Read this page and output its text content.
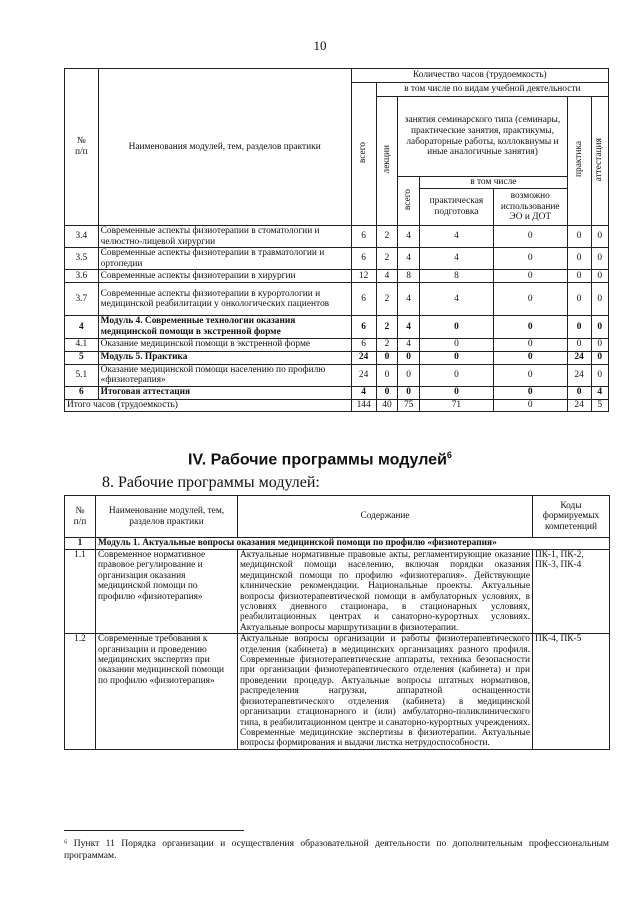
10
№
п/п	Наименования модулей, тем, разделов практики	Количество часов (трудоемкость)						
		всего	в том числе по видам учебной деятельности					
			лекции	занятия семинарского типа (семинары, практические занятия, практикумы, лабораторные работы, коллоквиумы и иные аналогичные занятия)			практика	аттестация
				всего	в том числе			
					практическая подготовка	возможно использование ЭО и ДОТ		
3.4	Современные аспекты физиотерапии в стоматологии и челюстно-лицевой хирургии	6	2	4	4	0	0	0
3.5	Современные аспекты физиотерапии в травматологии и ортопедии	6	2	4	4	0	0	0
3.6	Современные аспекты физиотерапии в хирургии	12	4	8	8	0	0	0
3.7	Современные аспекты физиотерапии в курортологии и медицинской реабилитации у онкологических пациентов	6	2	4	4	0	0	0
4	Модуль 4. Современные технологии оказания медицинской помощи в экстренной форме	6	2	4	0	0	0	0
4.1	Оказание медицинской помощи в экстренной форме	6	2	4	0	0	0	0
5	Модуль 5. Практика	24	0	0	0	0	24	0
5.1	Оказание медицинской помощи населению по профилю «физиотерапия»	24	0	0	0	0	24	0
6	Итоговая аттестация	4	0	0	0	0	0	4
Итого часов (трудоемкость)		144	40	75	71	0	24	5
IV. Рабочие программы модулей$^6$
8. Рабочие программы модулей:
№
п/п	Наименование модулей, тем, разделов практики	Содержание	Коды формируемых компетенций
1	Модуль 1. Актуальные вопросы оказания медицинской помощи по профилю «физиотерапия»		
1.1	Современное нормативное правовое регулирование и организация оказания медицинской помощи по профилю «физиотерапия»	Актуальные нормативные правовые акты, регламентирующие оказание медицинской помощи населению, включая порядки оказания медицинской помощи по профилю «физиотерапия». Действующие клинические рекомендации. Национальные проекты. Актуальные вопросы физиотерапевтической помощи в амбулаторных условиях, в условиях дневного стационара, в стационарных условиях, реабилитационных центрах и санаторно-курортных условиях. Актуальные вопросы маршрутизации в физиотерапии.	ПК-1, ПК-2, ПК-3, ПК-4
1.2	Современные требования к организации и проведению медицинских экспертиз при оказании медицинской помощи по профилю «физиотерапия»	Актуальные вопросы организации и работы физиотерапевтического отделения (кабинета) в медицинских организациях разного профиля. Современные физиотерапевтические аппараты, техника безопасности при организации физиотерапевтического отделения (кабинета) и при проведении процедур. Актуальные вопросы штатных нормативов, распределения нагрузки, аппаратной оснащенности физиотерапевтического отделения (кабинета) в медицинской организации стационарного и (или) амбулаторно-поликлинического типа, в реабилитационном центре и санаторно-курортных учреждениях. Современные медицинские экспертизы в физиотерапии. Актуальные вопросы формирования и выдачи листка нетрудоспособности.	ПК-4, ПК-5
⁶ Пункт 11 Порядка организации и осуществления образовательной деятельности по дополнительным профессиональным программам.
